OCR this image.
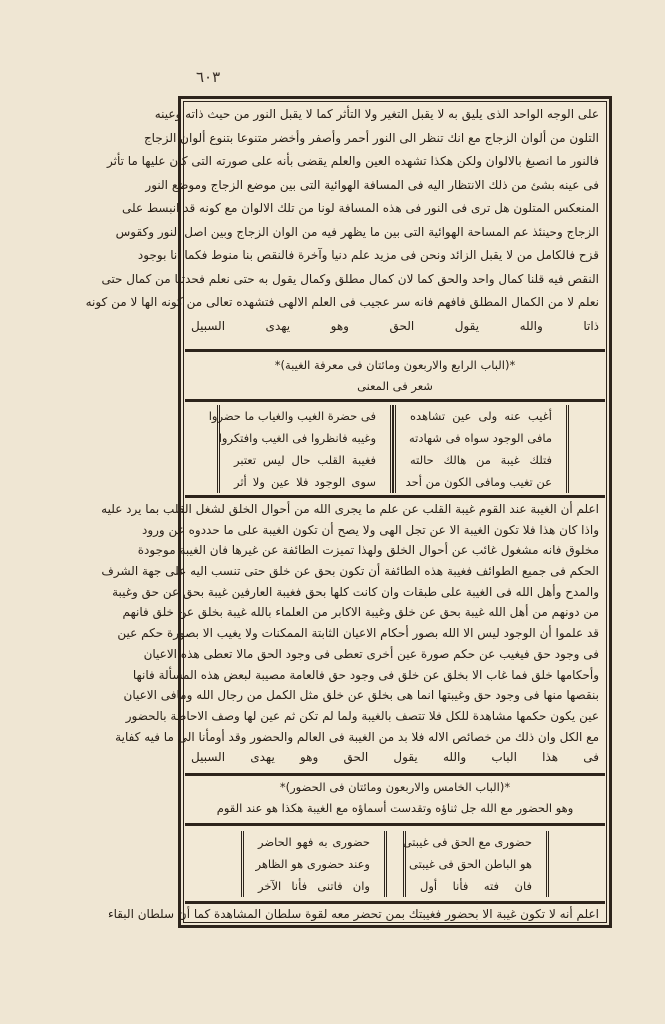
٦٠٣
على الوجه الواحد الذى يليق به لا يقبل التغير ولا التأثر كما لا يقبل النور من حيث ذاته وعينه
التلون من ألوان الزجاج مع انك تنظر الى النور أحمر وأصفر وأخضر متنوعا بتنوع ألوان الزجاج
فالنور ما انصبغ بالالوان ولكن هكذا تشهده العين والعلم يقضى بأنه على صورته التى كان عليها ما تأثر
فى عينه بشئ من ذلك الانتظار اليه فى المسافة الهوائية التى بين موضع الزجاج وموضع النور
المنعكس المتلون هل ترى فى النور فى هذه المسافة لونا من تلك الالوان مع كونه قد انبسط على
الزجاج وحينئذ عم المساحة الهوائية التى بين ما يظهر فيه من الوان الزجاج وبين اصل النور وكقوس
قزح فالكامل من لا يقبل الزائد ونحن فى مزيد علم دنيا وآخرة فالنقص بنا منوط فكما انا بوجود
النقص فيه قلنا كمال واحد والحق كما لان كمال مطلق وكمال يقول به حتى نعلم فحدثنا من كمال حتى
نعلم لا من الكمال المطلق فافهم فانه سر عجيب فى العلم الالهى فتشهده تعالى من كونه الها لا من كونه
ذاتا والله يقول الحق وهو يهدى السبيل
*(الباب الرابع والاربعون ومائتان فى معرفة الغيبة)*
شعر فى المعنى
أغيب عنه ولى عين تشاهده
مافى الوجود سواه فى شهادته
فتلك غيبة من هالك حالته
عن تغيب ومافى الكون من أحد
فى حضرة الغيب والغياب ما حضروا
وغيبه فانظروا فى الغيب وافتكروا
فغيبة القلب حال ليس تعتبر
سوى الوجود فلا عين ولا أثر
اعلم أن الغيبة عند القوم غيبة القلب عن علم ما يجرى الله من أحوال الخلق لشغل القلب بما يرد عليه
واذا كان هذا فلا تكون الغيبة الا عن تجل الهى ولا يصح أن تكون الغيبة على ما حددوه عن ورود
مخلوق فانه مشغول غائب عن أحوال الخلق ولهذا تميزت الطائفة عن غيرها فان الغيبة موجودة
الحكم فى جميع الطوائف فغيبة هذه الطائفة أن تكون بحق عن خلق حتى تنسب اليه على جهة الشرف
والمدح وأهل الله فى الغيبة على طبقات وان كانت كلها بحق فغيبة العارفين غيبة بحق عن حق وغيبة
من دونهم من أهل الله غيبة بحق عن خلق وغيبة الاكابر من العلماء بالله غيبة بخلق عن خلق فانهم
قد علموا أن الوجود ليس الا الله بصور أحكام الاعيان الثابتة الممكنات ولا يغيب الا بصورة حكم عين
فى وجود حق فيغيب عن حكم صورة عين أخرى تعطى فى وجود الحق مالا تعطى هذه الاعيان
وأحكامها خلق فما غاب الا بخلق عن خلق فى وجود حق فالعامة مصيبة لبعض هذه المسألة فانها
بنقصها منها فى وجود حق وغيبتها انما هى بخلق عن خلق مثل الكمل من رجال الله ومافى الاعيان
عين يكون حكمها مشاهدة للكل فلا تتصف بالغيبة ولما لم تكن ثم عين لها وصف الاحاطة بالحضور
مع الكل وان ذلك من خصائص الاله فلا بد من الغيبة فى العالم والحضور وقد أومأنا الى ما فيه كفاية
فى هذا الباب والله يقول الحق وهو يهدى السبيل
*(الباب الخامس والاربعون ومائتان فى الحضور)*
وهو الحضور مع الله جل ثناؤه وتقدست أسماؤه مع الغيبة هكذا هو عند القوم
حضورى مع الحق فى غيبتى
هو الباطن الحق فى غيبتى
فان فته فأنا أول
حضورى به فهو الحاضر
وعند حضورى هو الظاهر
وان فاتنى فأنا الآخر
اعلم أنه لا تكون غيبة الا بحضور فغيبتك بمن تحضر معه لقوة سلطان المشاهدة كما أن سلطان البقاء
